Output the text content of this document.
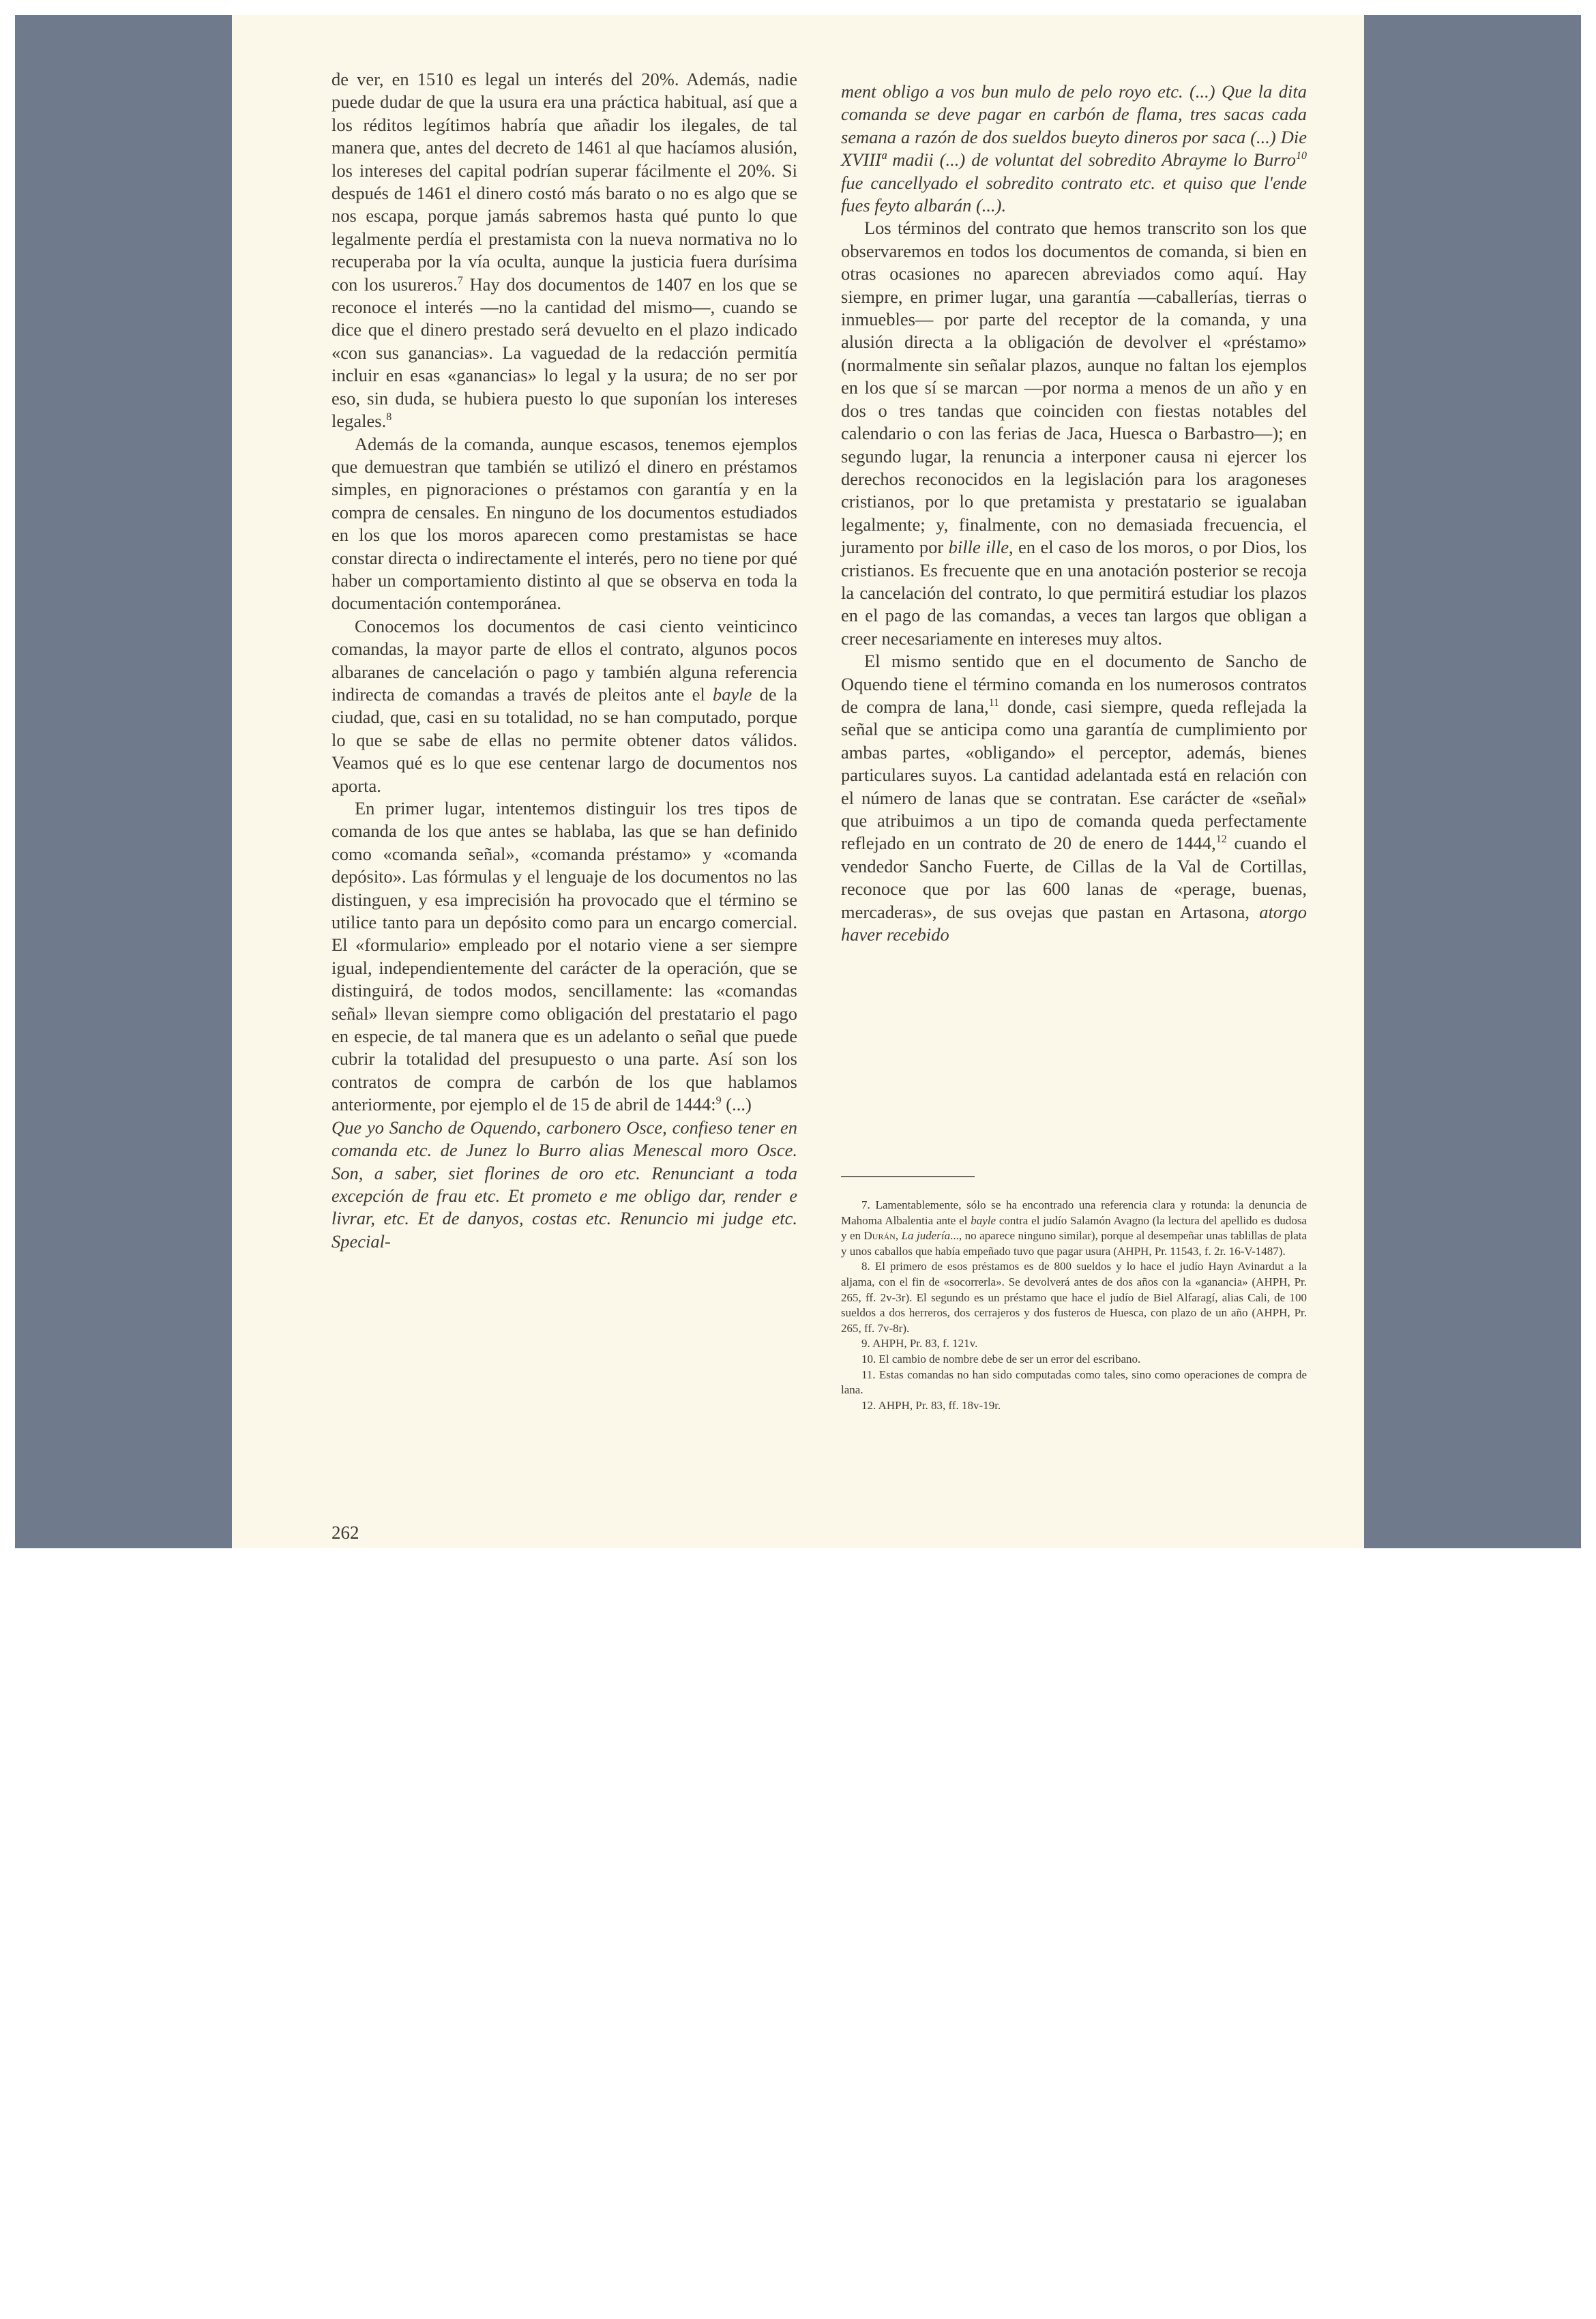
de ver, en 1510 es legal un interés del 20%. Además, nadie puede dudar de que la usura era una práctica habitual, así que a los réditos legítimos habría que añadir los ilegales, de tal manera que, antes del decreto de 1461 al que hacíamos alusión, los intereses del capital podrían superar fácilmente el 20%. Si después de 1461 el dinero costó más barato o no es algo que se nos escapa, porque jamás sabremos hasta qué punto lo que legalmente perdía el prestamista con la nueva normativa no lo recuperaba por la vía oculta, aunque la justicia fuera durísima con los usureros.$^7$ Hay dos documentos de 1407 en los que se reconoce el interés —no la cantidad del mismo—, cuando se dice que el dinero prestado será devuelto en el plazo indicado «con sus ganancias». La vaguedad de la redacción permitía incluir en esas «ganancias» lo legal y la usura; de no ser por eso, sin duda, se hubiera puesto lo que suponían los intereses legales.$^8$

Además de la comanda, aunque escasos, tenemos ejemplos que demuestran que también se utilizó el dinero en préstamos simples, en pignoraciones o préstamos con garantía y en la compra de censales. En ninguno de los documentos estudiados en los que los moros aparecen como prestamistas se hace constar directa o indirectamente el interés, pero no tiene por qué haber un comportamiento distinto al que se observa en toda la documentación contemporánea.

Conocemos los documentos de casi ciento veinticinco comandas, la mayor parte de ellos el contrato, algunos pocos albaranes de cancelación o pago y también alguna referencia indirecta de comandas a través de pleitos ante el bayle de la ciudad, que, casi en su totalidad, no se han computado, porque lo que se sabe de ellas no permite obtener datos válidos. Veamos qué es lo que ese centenar largo de documentos nos aporta.

En primer lugar, intentemos distinguir los tres tipos de comanda de los que antes se hablaba, las que se han definido como «comanda señal», «comanda préstamo» y «comanda depósito». Las fórmulas y el lenguaje de los documentos no las distinguen, y esa imprecisión ha provocado que el término se utilice tanto para un depósito como para un encargo comercial. El «formulario» empleado por el notario viene a ser siempre igual, independientemente del carácter de la operación, que se distinguirá, de todos modos, sencillamente: las «comandas señal» llevan siempre como obligación del prestatario el pago en especie, de tal manera que es un adelanto o señal que puede cubrir la totalidad del presupuesto o una parte. Así son los contratos de compra de carbón de los que hablamos anteriormente, por ejemplo el de 15 de abril de 1444:$^9$ (...)

Que yo Sancho de Oquendo, carbonero Osce, confieso tener en comanda etc. de Junez lo Burro alias Menescal moro Osce. Son, a saber, siet florines de oro etc. Renunciant a toda excepción de frau etc. Et prometo e me obligo dar, render e livrar, etc. Et de danyos, costas etc. Renuncio mi judge etc. Special-

ment obligo a vos bun mulo de pelo royo etc. (...) Que la dita comanda se deve pagar en carbón de flama, tres sacas cada semana a razón de dos sueldos bueyto dineros por saca (...) Die XVIIIª madii (...) de voluntat del sobredito Abrayme lo Burro$^{10}$ fue cancellyado el sobredito contrato etc. et quiso que l'ende fues feyto albarán (...).

Los términos del contrato que hemos transcrito son los que observaremos en todos los documentos de comanda, si bien en otras ocasiones no aparecen abreviados como aquí. Hay siempre, en primer lugar, una garantía —caballerías, tierras o inmuebles— por parte del receptor de la comanda, y una alusión directa a la obligación de devolver el «préstamo» (normalmente sin señalar plazos, aunque no faltan los ejemplos en los que sí se marcan —por norma a menos de un año y en dos o tres tandas que coinciden con fiestas notables del calendario o con las ferias de Jaca, Huesca o Barbastro—); en segundo lugar, la renuncia a interponer causa ni ejercer los derechos reconocidos en la legislación para los aragoneses cristianos, por lo que pretamista y prestatario se igualaban legalmente; y, finalmente, con no demasiada frecuencia, el juramento por bille ille, en el caso de los moros, o por Dios, los cristianos. Es frecuente que en una anotación posterior se recoja la cancelación del contrato, lo que permitirá estudiar los plazos en el pago de las comandas, a veces tan largos que obligan a creer necesariamente en intereses muy altos.

El mismo sentido que en el documento de Sancho de Oquendo tiene el término comanda en los numerosos contratos de compra de lana,$^{11}$ donde, casi siempre, queda reflejada la señal que se anticipa como una garantía de cumplimiento por ambas partes, «obligando» el perceptor, además, bienes particulares suyos. La cantidad adelantada está en relación con el número de lanas que se contratan. Ese carácter de «señal» que atribuimos a un tipo de comanda queda perfectamente reflejado en un contrato de 20 de enero de 1444,12 cuando el vendedor Sancho Fuerte, de Cillas de la Val de Cortillas, reconoce que por las 600 lanas de «perage, buenas, mercaderas», de sus ovejas que pastan en Artasona, atorgo haver recebido

7. Lamentablemente, sólo se ha encontrado una referencia clara y rotunda: la denuncia de Mahoma Albalentia ante el bayle contra el judío Salamón Avagno (la lectura del apellido es dudosa y en Durán, La judería..., no aparece ninguno similar), porque al desempeñar unas tablillas de plata y unos caballos que había empeñado tuvo que pagar usura (AHPH, Pr. 11543, f. 2r. 16-V-1487).

8. El primero de esos préstamos es de 800 sueldos y lo hace el judío Hayn Avinardut a la aljama, con el fin de «socorrerla». Se devolverá antes de dos años con la «ganancia» (AHPH, Pr. 265, ff. 2v-3r). El segundo es un préstamo que hace el judío de Biel Alfaragí, alias Cali, de 100 sueldos a dos herreros, dos cerrajeros y dos fusteros de Huesca, con plazo de un año (AHPH, Pr. 265, ff. 7v-8r).

9. AHPH, Pr. 83, f. 121v.

10. El cambio de nombre debe de ser un error del escribano.

11. Estas comandas no han sido computadas como tales, sino como operaciones de compra de lana.

12. AHPH, Pr. 83, ff. 18v-19r.

262
